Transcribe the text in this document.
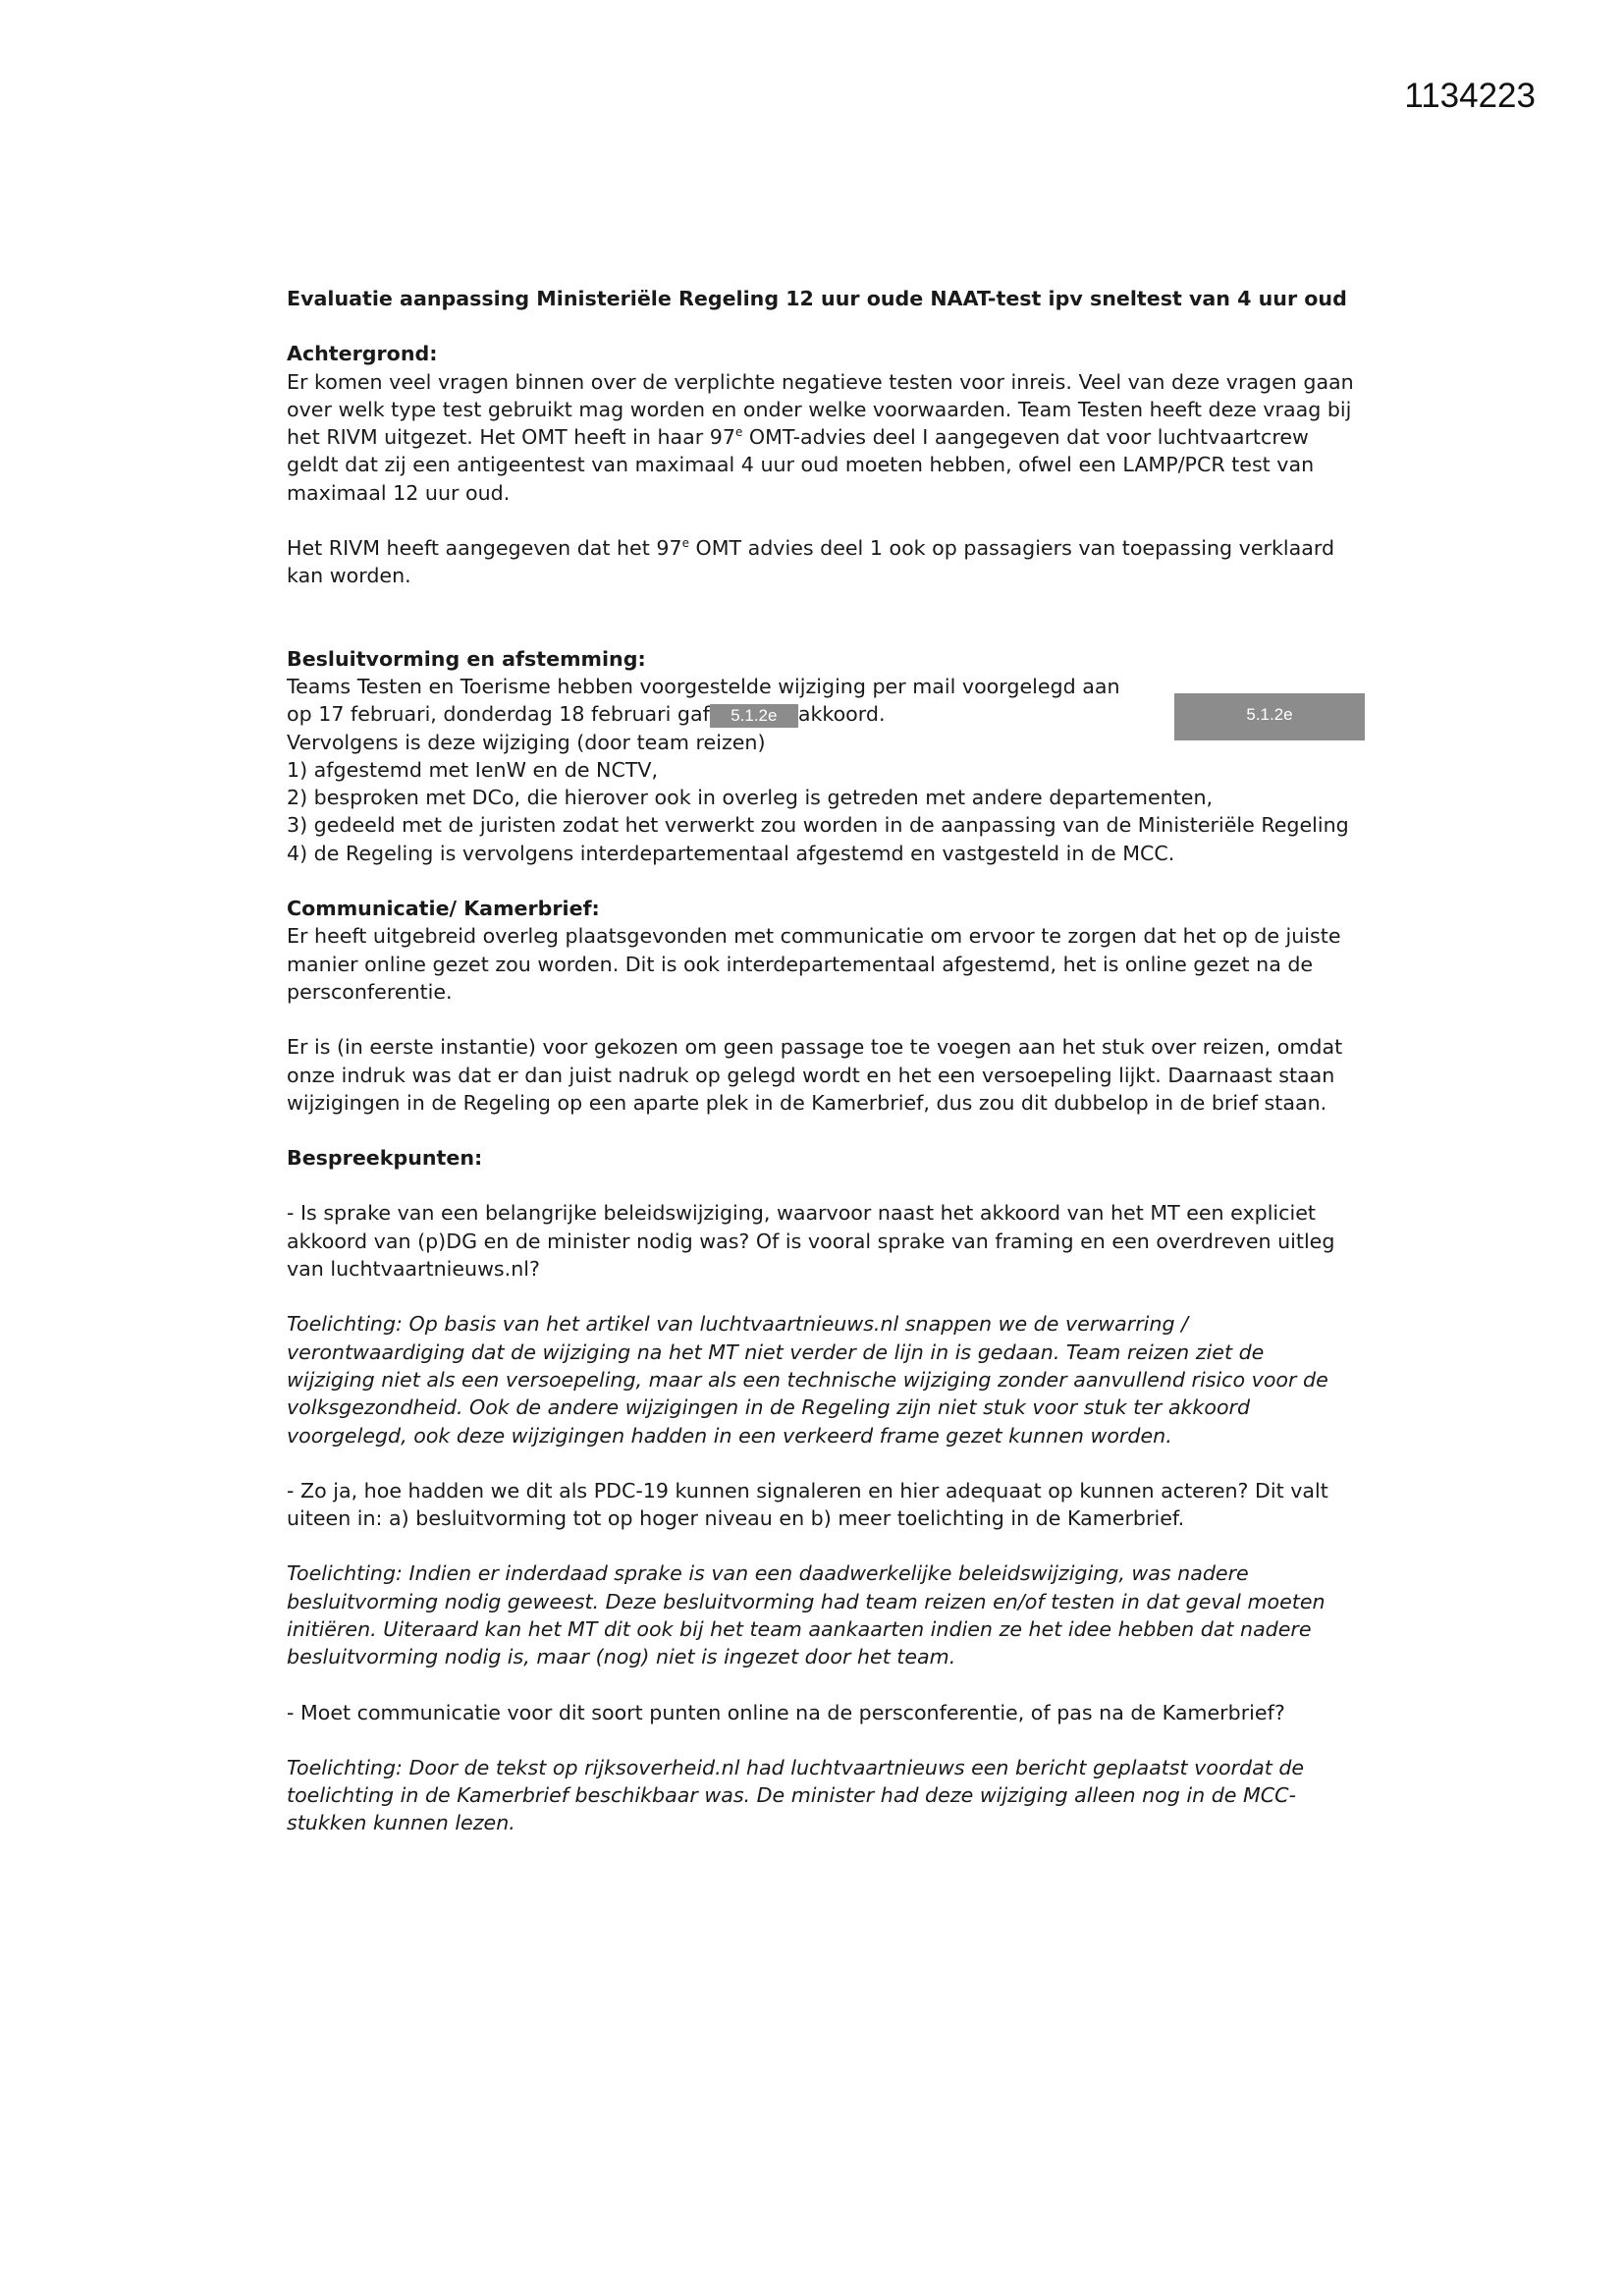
1134223
5.1.2e

Evaluatie aanpassing Ministeriële Regeling 12 uur oude NAAT-test ipv sneltest van 4 uur oud

Achtergrond:

Er komen veel vragen binnen over de verplichte negatieve testen voor inreis. Veel van deze vragen gaan over welk type test gebruikt mag worden en onder welke voorwaarden. Team Testen heeft deze vraag bij het RIVM uitgezet. Het OMT heeft in haar 97e OMT-advies deel I aangegeven dat voor luchtvaartcrew geldt dat zij een antigeentest van maximaal 4 uur oud moeten hebben, ofwel een LAMP/PCR test van maximaal 12 uur oud.

Het RIVM heeft aangegeven dat het 97e OMT advies deel 1 ook op passagiers van toepassing verklaard kan worden.

Besluitvorming en afstemming:

Teams Testen en Toerisme hebben voorgestelde wijziging per mail voorgelegd aan

op 17 februari, donderdag 18 februari gaf 5.1.2e akkoord.

Vervolgens is deze wijziging (door team reizen)

1) afgestemd met IenW en de NCTV,

2) besproken met DCo, die hierover ook in overleg is getreden met andere departementen,

3) gedeeld met de juristen zodat het verwerkt zou worden in de aanpassing van de Ministeriële Regeling

4) de Regeling is vervolgens interdepartementaal afgestemd en vastgesteld in de MCC.

Communicatie/ Kamerbrief:

Er heeft uitgebreid overleg plaatsgevonden met communicatie om ervoor te zorgen dat het op de juiste manier online gezet zou worden. Dit is ook interdepartementaal afgestemd, het is online gezet na de persconferentie.

Er is (in eerste instantie) voor gekozen om geen passage toe te voegen aan het stuk over reizen, omdat onze indruk was dat er dan juist nadruk op gelegd wordt en het een versoepeling lijkt. Daarnaast staan wijzigingen in de Regeling op een aparte plek in de Kamerbrief, dus zou dit dubbelop in de brief staan.

Bespreekpunten:

- Is sprake van een belangrijke beleidswijziging, waarvoor naast het akkoord van het MT een expliciet akkoord van (p)DG en de minister nodig was? Of is vooral sprake van framing en een overdreven uitleg van luchtvaartnieuws.nl?

Toelichting: Op basis van het artikel van luchtvaartnieuws.nl snappen we de verwarring / verontwaardiging dat de wijziging na het MT niet verder de lijn in is gedaan. Team reizen ziet de wijziging niet als een versoepeling, maar als een technische wijziging zonder aanvullend risico voor de volksgezondheid. Ook de andere wijzigingen in de Regeling zijn niet stuk voor stuk ter akkoord voorgelegd, ook deze wijzigingen hadden in een verkeerd frame gezet kunnen worden.

- Zo ja, hoe hadden we dit als PDC-19 kunnen signaleren en hier adequaat op kunnen acteren? Dit valt uiteen in: a) besluitvorming tot op hoger niveau en b) meer toelichting in de Kamerbrief.

Toelichting: Indien er inderdaad sprake is van een daadwerkelijke beleidswijziging, was nadere besluitvorming nodig geweest. Deze besluitvorming had team reizen en/of testen in dat geval moeten initiëren. Uiteraard kan het MT dit ook bij het team aankaarten indien ze het idee hebben dat nadere besluitvorming nodig is, maar (nog) niet is ingezet door het team.

- Moet communicatie voor dit soort punten online na de persconferentie, of pas na de Kamerbrief?

Toelichting: Door de tekst op rijksoverheid.nl had luchtvaartnieuws een bericht geplaatst voordat de toelichting in de Kamerbrief beschikbaar was. De minister had deze wijziging alleen nog in de MCC-stukken kunnen lezen.
